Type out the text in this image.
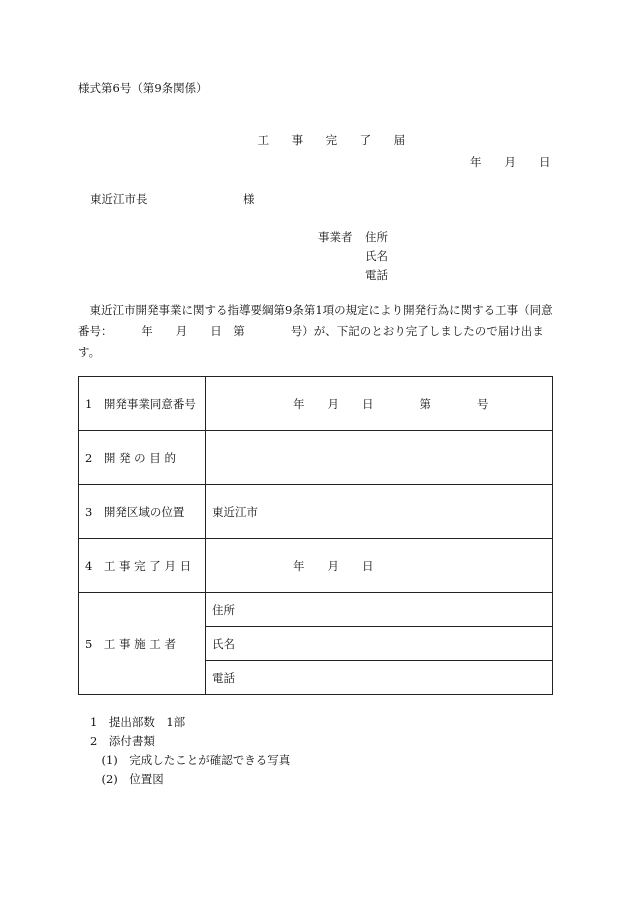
様式第6号（第9条関係）

工 事 完 了 届

年　　月　　日
東近江市長	様
事業者 住所
氏名
電話
　東近江市開発事業に関する指導要綱第9条第1項の規定により開発行為に関する工事（同意番号：　　　年　　月　　日　第　　　　号）が、下記のとおり完了しましたので届け出ます。
1　開発事業同意番号	年　　月　　日　　　　第　　　　号
2　開 発 の 目 的	
3　開発区域の位置	東近江市
4　工 事 完 了 月 日	年　　月　　日
5　工 事 施 工 者	住所
	氏名
	電話
1　提出部数　1部
2　添付書類
　(1)　完成したことが確認できる写真
　(2)　位置図
